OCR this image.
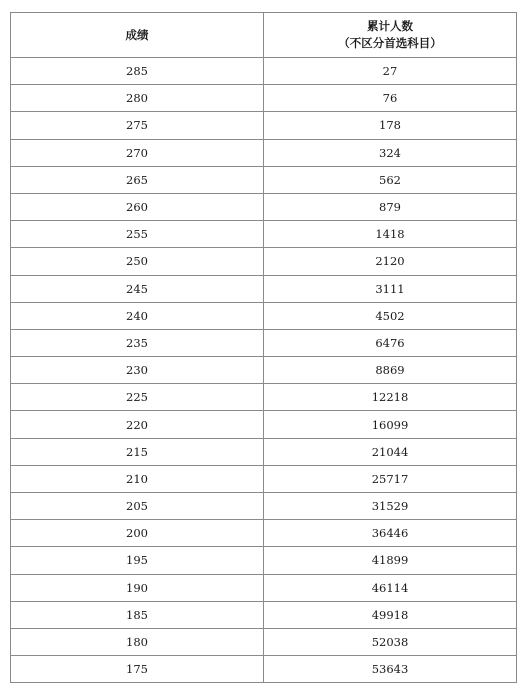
成绩	累计人数
（不区分首选科目）

285	27
280	76
275	178
270	324
265	562
260	879
255	1418
250	2120
245	3111
240	4502
235	6476
230	8869
225	12218
220	16099
215	21044
210	25717
205	31529
200	36446
195	41899
190	46114
185	49918
180	52038
175	53643
